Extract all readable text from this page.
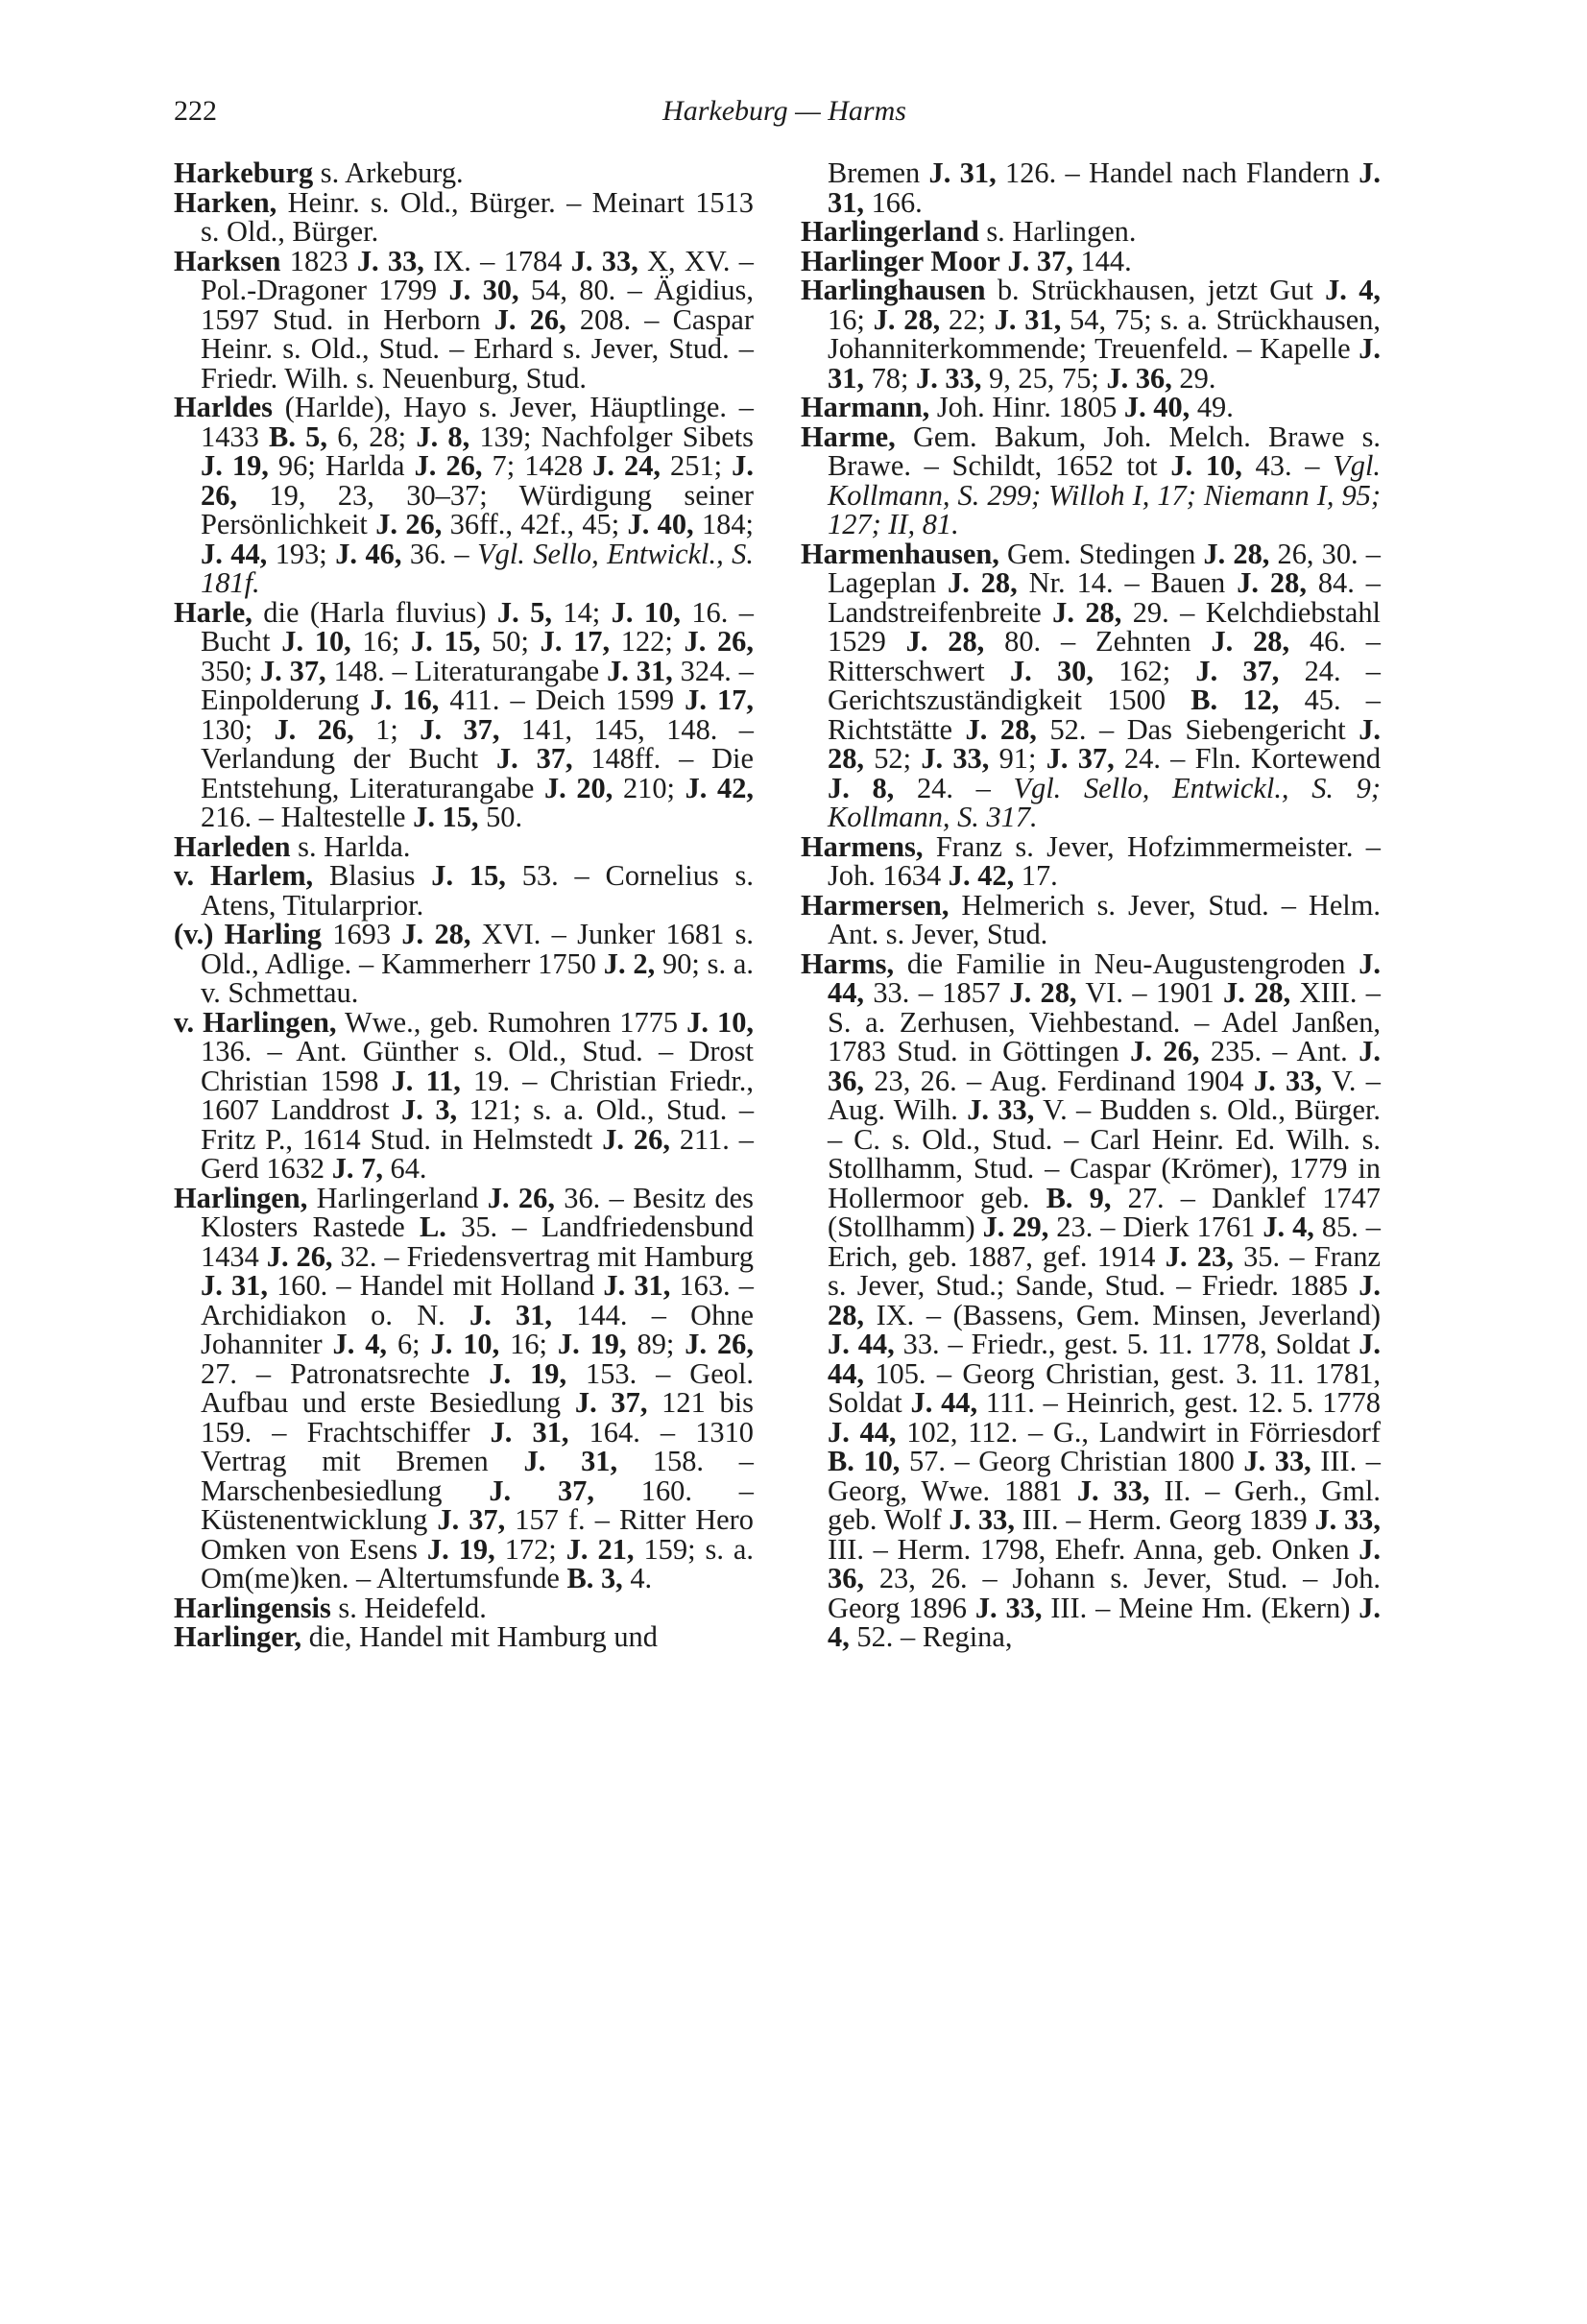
222	Harkeburg — Harms

Harkeburg s. Arkeburg.

Harken, Heinr. s. Old., Bürger. – Meinart 1513 s. Old., Bürger.

Harksen 1823 J. 33, IX. – 1784 J. 33, X, XV. – Pol.-Dragoner 1799 J. 30, 54, 80. – Ägidius, 1597 Stud. in Herborn J. 26, 208. – Caspar Heinr. s. Old., Stud. – Erhard s. Jever, Stud. – Friedr. Wilh. s. Neuenburg, Stud.

Harldes (Harlde), Hayo s. Jever, Häuptlinge. – 1433 B. 5, 6, 28; J. 8, 139; Nachfolger Sibets J. 19, 96; Harlda J. 26, 7; 1428 J. 24, 251; J. 26, 19, 23, 30–37; Würdigung seiner Persönlichkeit J. 26, 36ff., 42f., 45; J. 40, 184; J. 44, 193; J. 46, 36. – Vgl. Sello, Entwickl., S. 181f.

Harle, die (Harla fluvius) J. 5, 14; J. 10, 16. – Bucht J. 10, 16; J. 15, 50; J. 17, 122; J. 26, 350; J. 37, 148. – Literaturangabe J. 31, 324. – Einpolderung J. 16, 411. – Deich 1599 J. 17, 130; J. 26, 1; J. 37, 141, 145, 148. – Verlandung der Bucht J. 37, 148ff. – Die Entstehung, Literaturangabe J. 20, 210; J. 42, 216. – Haltestelle J. 15, 50.

Harleden s. Harlda.

v. Harlem, Blasius J. 15, 53. – Cornelius s. Atens, Titularprior.

(v.) Harling 1693 J. 28, XVI. – Junker 1681 s. Old., Adlige. – Kammerherr 1750 J. 2, 90; s. a. v. Schmettau.

v. Harlingen, Wwe., geb. Rumohren 1775 J. 10, 136. – Ant. Günther s. Old., Stud. – Drost Christian 1598 J. 11, 19. – Christian Friedr., 1607 Landdrost J. 3, 121; s. a. Old., Stud. – Fritz P., 1614 Stud. in Helmstedt J. 26, 211. – Gerd 1632 J. 7, 64.

Harlingen, Harlingerland J. 26, 36. – Besitz des Klosters Rastede L. 35. – Landfriedensbund 1434 J. 26, 32. – Friedensvertrag mit Hamburg J. 31, 160. – Handel mit Holland J. 31, 163. – Archidiakon o. N. J. 31, 144. – Ohne Johanniter J. 4, 6; J. 10, 16; J. 19, 89; J. 26, 27. – Patronatsrechte J. 19, 153. – Geol. Aufbau und erste Besiedlung J. 37, 121 bis 159. – Frachtschiffer J. 31, 164. – 1310 Vertrag mit Bremen J. 31, 158. – Marschenbesiedlung J. 37, 160. – Küstenentwicklung J. 37, 157 f. – Ritter Hero Omken von Esens J. 19, 172; J. 21, 159; s. a. Om(me)ken. – Altertumsfunde B. 3, 4.

Harlingensis s. Heidefeld.

Harlinger, die, Handel mit Hamburg und

Bremen J. 31, 126. – Handel nach Flandern J. 31, 166.

Harlingerland s. Harlingen.

Harlinger Moor J. 37, 144.

Harlinghausen b. Strückhausen, jetzt Gut J. 4, 16; J. 28, 22; J. 31, 54, 75; s. a. Strückhausen, Johanniterkommende; Treuenfeld. – Kapelle J. 31, 78; J. 33, 9, 25, 75; J. 36, 29.

Harmann, Joh. Hinr. 1805 J. 40, 49.

Harme, Gem. Bakum, Joh. Melch. Brawe s. Brawe. – Schildt, 1652 tot J. 10, 43. – Vgl. Kollmann, S. 299; Willoh I, 17; Niemann I, 95; 127; II, 81.

Harmenhausen, Gem. Stedingen J. 28, 26, 30. – Lageplan J. 28, Nr. 14. – Bauen J. 28, 84. – Landstreifenbreite J. 28, 29. – Kelchdiebstahl 1529 J. 28, 80. – Zehnten J. 28, 46. – Ritterschwert J. 30, 162; J. 37, 24. – Gerichtszuständigkeit 1500 B. 12, 45. – Richtstätte J. 28, 52. – Das Siebengericht J. 28, 52; J. 33, 91; J. 37, 24. – Fln. Kortewend J. 8, 24. – Vgl. Sello, Entwickl., S. 9; Kollmann, S. 317.

Harmens, Franz s. Jever, Hofzimmermeister. – Joh. 1634 J. 42, 17.

Harmersen, Helmerich s. Jever, Stud. – Helm. Ant. s. Jever, Stud.

Harms, die Familie in Neu-Augustengroden J. 44, 33. – 1857 J. 28, VI. – 1901 J. 28, XIII. – S. a. Zerhusen, Viehbestand. – Adel Janßen, 1783 Stud. in Göttingen J. 26, 235. – Ant. J. 36, 23, 26. – Aug. Ferdinand 1904 J. 33, V. – Aug. Wilh. J. 33, V. – Budden s. Old., Bürger. – C. s. Old., Stud. – Carl Heinr. Ed. Wilh. s. Stollhamm, Stud. – Caspar (Krömer), 1779 in Hollermoor geb. B. 9, 27. – Danklef 1747 (Stollhamm) J. 29, 23. – Dierk 1761 J. 4, 85. – Erich, geb. 1887, gef. 1914 J. 23, 35. – Franz s. Jever, Stud.; Sande, Stud. – Friedr. 1885 J. 28, IX. – (Bassens, Gem. Minsen, Jeverland) J. 44, 33. – Friedr., gest. 5. 11. 1778, Soldat J. 44, 105. – Georg Christian, gest. 3. 11. 1781, Soldat J. 44, 111. – Heinrich, gest. 12. 5. 1778 J. 44, 102, 112. – G., Landwirt in Förriesdorf B. 10, 57. – Georg Christian 1800 J. 33, III. – Georg, Wwe. 1881 J. 33, II. – Gerh., Gml. geb. Wolf J. 33, III. – Herm. Georg 1839 J. 33, III. – Herm. 1798, Ehefr. Anna, geb. Onken J. 36, 23, 26. – Johann s. Jever, Stud. – Joh. Georg 1896 J. 33, III. – Meine Hm. (Ekern) J. 4, 52. – Regina,
